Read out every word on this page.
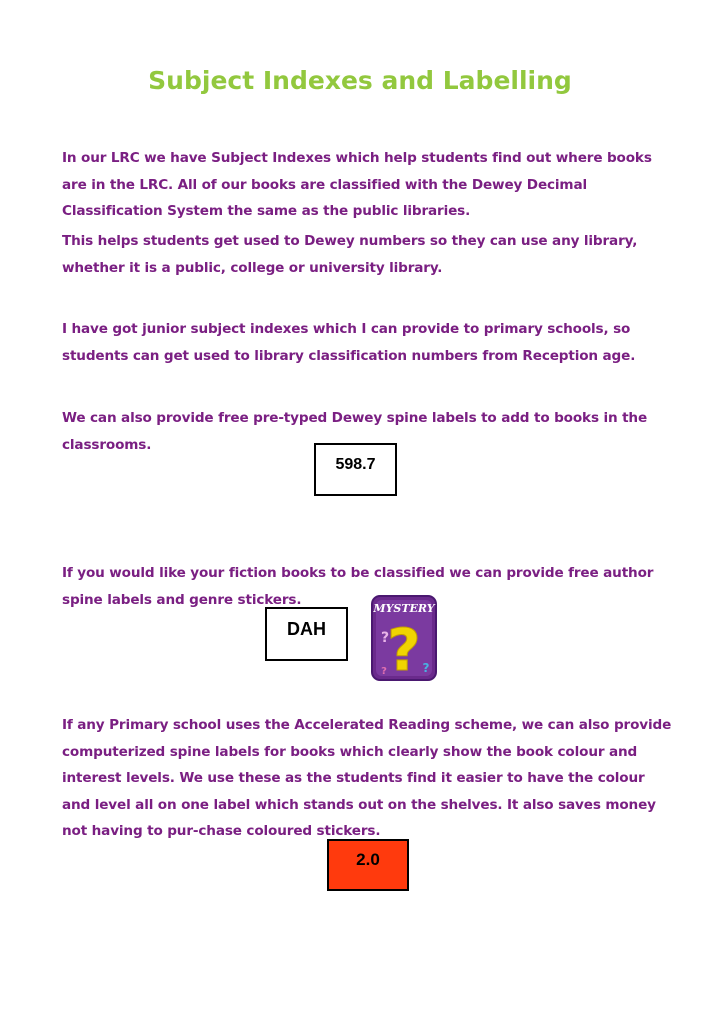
Subject Indexes and Labelling

In our LRC we have Subject Indexes which help students find out where books are in the LRC. All of our books are classified with the Dewey Decimal Classification System the same as the public libraries.

This helps students get used to Dewey numbers so they can use any library, whether it is a public, college or university library.

I have got junior subject indexes which I can provide to primary schools, so students can get used to library classification numbers from Reception age.

We can also provide free pre-typed Dewey spine labels to add to books in the classrooms.

598.7

If you would like your fiction books to be classified we can provide free author spine labels and genre stickers.

DAH
MYSTERY
?
?
?
?

If any Primary school uses the Accelerated Reading scheme, we can also provide computerized spine labels for books which clearly show the book colour and interest levels. We use these as the students find it easier to have the colour and level all on one label which stands out on the shelves. It also saves money not having to pur-chase coloured stickers.

2.0
